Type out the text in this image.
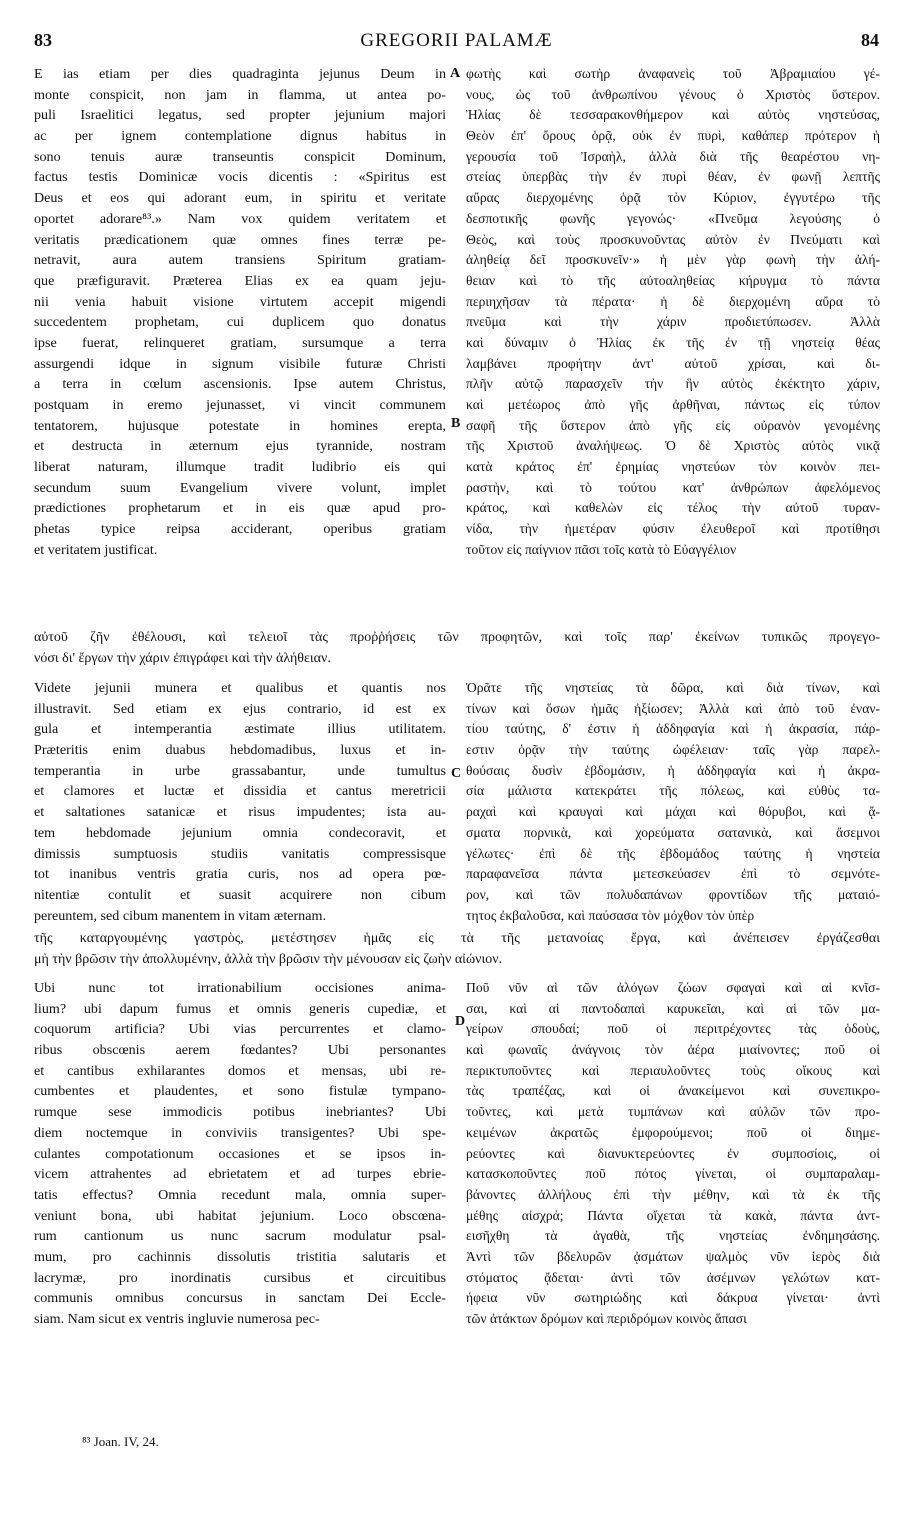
83	GREGORII PALAMÆ	84
E ias etiam per dies quadraginta jejunus Deum in
monte conspicit, non jam in flamma, ut antea po-
puli Israelitici legatus, sed propter jejunium majori
ac per ignem contemplatione dignus habitus in
sono tenuis auræ transeuntis conspicit Dominum,
factus testis Dominicæ vocis dicentis : «Spiritus est
Deus et eos qui adorant eum, in spiritu et veritate
oportet adorare⁸³.» Nam vox quidem veritatem et
veritatis prædicationem quæ omnes fines terræ pe-
netravit, aura autem transiens Spiritum gratiam-
que præfiguravit. Præterea Elias ex ea quam jeju-
nii venia habuit visione virtutem accepit migendi
succedentem prophetam, cui duplicem quo donatus
ipse fuerat, relinqueret gratiam, sursumque a terra
assurgendi idque in signum visibile futuræ Christi
a terra in cœlum ascensionis. Ipse autem Christus,
postquam in eremo jejunasset, vi vincit communem
tentatorem, hujusque potestate in homines erepta,
et destructa in æternum ejus tyrannide, nostram
liberat naturam, illumque tradit ludibrio eis qui
secundum suum Evangelium vivere volunt, implet
prædictiones prophetarum et in eis quæ apud pro-
phetas typice reipsa acciderant, operibus gratiam
et veritatem justificat.
φωτὴς καὶ σωτὴρ ἀναφανεὶς τοῦ Ἀβραμιαίου γέ-
νους, ὡς τοῦ ἀνθρωπίνου γένους ὁ Χριστὸς ὕστερον.
Ἠλίας δὲ τεσσαρακονθήμερον καὶ αὐτὸς νηστεύσας,
Θεὸν ἐπ' ὄρους ὁρᾷ, οὐκ ἐν πυρὶ, καθάπερ πρότερον ἡ
γερουσία τοῦ Ἰσραὴλ, ἀλλὰ διὰ τῆς θεαρέστου νη-
στείας ὑπερβὰς τὴν ἐν πυρὶ θέαν, ἐν φωνῇ λεπτῆς
αὔρας διερχομένης ὁρᾷ τὸν Κύριον, ἐγγυτέρω τῆς
δεσποτικῆς φωνῆς γεγονώς· «Πνεῦμα λεγούσης ὁ
Θεὸς, καὶ τοὺς προσκυνοῦντας αὐτὸν ἐν Πνεύματι καὶ
ἀληθείᾳ δεῖ προσκυνεῖν·» ἡ μὲν γὰρ φωνὴ τὴν ἀλή-
θειαν καὶ τὸ τῆς αὐτοαληθείας κήρυγμα τὸ πάντα
περιηχῆσαν τὰ πέρατα· ἡ δὲ διερχομένη αὔρα τὸ
πνεῦμα καὶ τὴν χάριν προδιετύπωσεν. Ἀλλὰ
καὶ δύναμιν ὁ Ἠλίας ἐκ τῆς ἐν τῇ νηστείᾳ θέας
λαμβάνει προφήτην ἀντ' αὐτοῦ χρίσαι, καὶ δι-
πλῆν αὐτῷ παρασχεῖν τὴν ἣν αὐτὸς ἐκέκτητο χάριν,
καὶ μετέωρος ἀπὸ γῆς ἀρθῆναι, πάντως εἰς τύπον
σαφῆ τῆς ὕστερον ἀπὸ γῆς εἰς οὐρανὸν γενομένης
τῆς Χριστοῦ ἀναλήψεως. Ὁ δὲ Χριστὸς αὐτὸς νικᾷ
κατὰ κράτος ἐπ' ἐρημίας νηστεύων τὸν κοινὸν πει-
ραστὴν, καὶ τὸ τούτου κατ' ἀνθρώπων ἀφελόμενος
κράτος, καὶ καθελὼν εἰς τέλος τὴν αὐτοῦ τυραν-
νίδα, τὴν ἡμετέραν φύσιν ἐλευθεροῖ καὶ προτίθησι
τοῦτον εἰς παίγνιον πᾶσι τοῖς κατὰ τὸ Εὐαγγέλιον
αὐτοῦ ζῆν ἐθέλουσι, καὶ τελειοῖ τὰς προῤῥήσεις τῶν προφητῶν, καὶ τοῖς παρ' ἐκείνων τυπικῶς προγεγο-
νόσι δι' ἔργων τὴν χάριν ἐπιγράφει καὶ τὴν ἀλήθειαν.
Videte jejunii munera et qualibus et quantis nos
illustravit. Sed etiam ex ejus contrario, id est ex
gula et intemperantia æstimate illius utilitatem.
Præteritis enim duabus hebdomadibus, luxus et in-
temperantia in urbe grassabantur, unde tumultus
et clamores et luctæ et dissidia et cantus meretricii
et saltationes satanicæ et risus impudentes; ista au-
tem hebdomade jejunium omnia condecoravit, et
dimissis sumptuosis studiis vanitatis compressisque
tot inanibus ventris gratia curis, nos ad opera pœ-
nitentiæ contulit et suasit acquirere non cibum
pereuntem, sed cibum manentem in vitam æternam.
Ὁρᾶτε τῆς νηστείας τὰ δῶρα, καὶ διὰ τίνων, καὶ
τίνων καὶ ὅσων ἡμᾶς ἠξίωσεν; Ἀλλὰ καὶ ἀπὸ τοῦ ἐναν-
τίου ταύτης, δ' ἐστιν ἡ ἀδδηφαγία καὶ ἡ ἀκρασία, πάρ-
εστιν ὁρᾷν τὴν ταύτης ὠφέλειαν· ταῖς γὰρ παρελ-
θούσαις δυσὶν ἑβδομάσιν, ἡ ἀδδηφαγία καὶ ἡ ἀκρα-
σία μάλιστα κατεκράτει τῆς πόλεως, καὶ εὐθὺς τα-
ραχαὶ καὶ κραυγαὶ καὶ μάχαι καὶ θόρυβοι, καὶ ᾄ-
σματα πορνικὰ, καὶ χορεύματα σατανικὰ, καὶ ἄσεμνοι
γέλωτες· ἐπὶ δὲ τῆς ἑβδομάδος ταύτης ἡ νηστεία
παραφανεῖσα πάντα μετεσκεύασεν ἐπὶ τὸ σεμνότε-
ρον, καὶ τῶν πολυδαπάνων φροντίδων τῆς ματαιό-
τητος ἐκβαλοῦσα, καὶ παύσασα τὸν μόχθον τὸν ὑπὲρ
τῆς καταργουμένης γαστρὸς, μετέστησεν ἡμᾶς εἰς τὰ τῆς μετανοίας ἔργα, καὶ ἀνέπεισεν ἐργάζεσθαι
μὴ τὴν βρῶσιν τὴν ἀπολλυμένην, ἀλλὰ τὴν βρῶσιν τὴν μένουσαν εἰς ζωὴν αἰώνιον.
Ubi nunc tot irrationabilium occisiones anima-
lium? ubi dapum fumus et omnis generis cupediæ, et
coquorum artificia? Ubi vias percurrentes et clamo-
ribus obscœnis aerem fœdantes? Ubi personantes
et cantibus exhilarantes domos et mensas, ubi re-
cumbentes et plaudentes, et sono fistulæ tympano-
rumque sese immodicis potibus inebriantes? Ubi
diem noctemque in conviviis transigentes? Ubi spe-
culantes compotationum occasiones et se ipsos in-
vicem attrahentes ad ebrietatem et ad turpes ebrie-
tatis effectus? Omnia recedunt mala, omnia super-
veniunt bona, ubi habitat jejunium. Loco obscœna-
rum cantionum us nunc sacrum modulatur psal-
mum, pro cachinnis dissolutis tristitia salutaris et
lacrymæ, pro inordinatis cursibus et circuitibus
communis omnibus concursus in sanctam Dei Eccle-
siam. Nam sicut ex ventris ingluvie numerosa pec-
Ποῦ νῦν αἱ τῶν ἀλόγων ζώων σφαγαὶ καὶ αἱ κνῖσ-
σαι, καὶ αἱ παντοδαπαὶ καρυκεῖαι, καὶ αἱ τῶν μα-
γείρων σπουδαί; ποῦ οἱ περιτρέχοντες τὰς ὁδοὺς,
καὶ φωναῖς ἀνάγνοις τὸν ἀέρα μιαίνοντες; ποῦ οἱ
περικτυποῦντες καὶ περιαυλοῦντες τοὺς οἴκους καὶ
τὰς τραπέζας, καὶ οἱ ἀνακείμενοι καὶ συνεπικρο-
τοῦντες, καὶ μετὰ τυμπάνων καὶ αὐλῶν τῶν προ-
κειμένων ἀκρατῶς ἐμφορούμενοι; ποῦ οἱ διημε-
ρεύοντες καὶ διανυκτερεύοντες ἐν συμποσίοις, οἱ
κατασκοποῦντες ποῦ πότος γίνεται, οἱ συμπαραλαμ-
βάνοντες ἀλλήλους ἐπὶ τὴν μέθην, καὶ τὰ ἐκ τῆς
μέθης αἰσχρά; Πάντα οἴχεται τὰ κακὰ, πάντα ἀντ-
εισῆχθη τὰ ἀγαθὰ, τῆς νηστείας ἐνδημησάσης.
Ἀντὶ τῶν βδελυρῶν ᾀσμάτων ψαλμὸς νῦν ἱερὸς διὰ
στόματος ᾄδεται· ἀντὶ τῶν ἀσέμνων γελώτων κατ-
ήφεια νῦν σωτηριώδης καὶ δάκρυα γίνεται· ἀντὶ
τῶν ἀτάκτων δρόμων καὶ περιδρόμων κοινὸς ἅπασι
A
B
C
D
⁸³ Joan. IV, 24.
